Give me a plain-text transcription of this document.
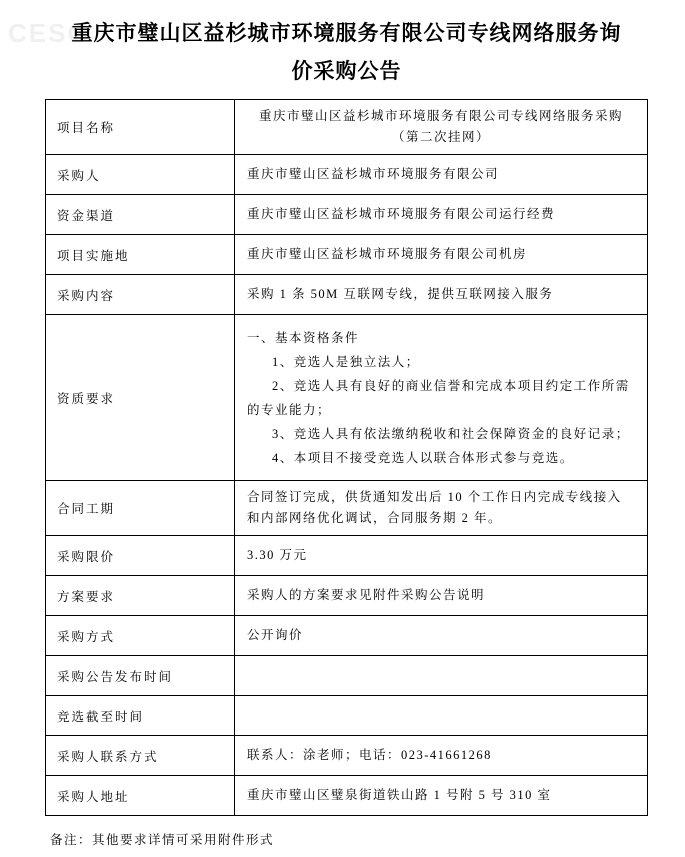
CESG
重庆市璧山区益杉城市环境服务有限公司专线网络服务询
价采购公告
项目名称	重庆市璧山区益杉城市环境服务有限公司专线网络服务采购　（第二次挂网）
采购人	重庆市璧山区益杉城市环境服务有限公司
资金渠道	重庆市璧山区益杉城市环境服务有限公司运行经费
项目实施地	重庆市璧山区益杉城市环境服务有限公司机房
采购内容	采购 1 条 50M 互联网专线，提供互联网接入服务
资质要求	一、基本资格条件

1、竞选人是独立法人；

2、竞选人具有良好的商业信誉和完成本项目约定工作所需的专业能力；

3、竞选人具有依法缴纳税收和社会保障资金的良好记录；

4、本项目不接受竞选人以联合体形式参与竞选。

合同工期	合同签订完成，供货通知发出后 10 个工作日内完成专线接入和内部网络优化调试，合同服务期 2 年。
采购限价	3.30 万元
方案要求	采购人的方案要求见附件采购公告说明
采购方式	公开询价
采购公告发布时间	
竞选截至时间	
采购人联系方式	联系人：涂老师；电话：023-41661268
采购人地址	重庆市璧山区璧泉街道铁山路 1 号附 5 号 310 室
备注：其他要求详情可采用附件形式
